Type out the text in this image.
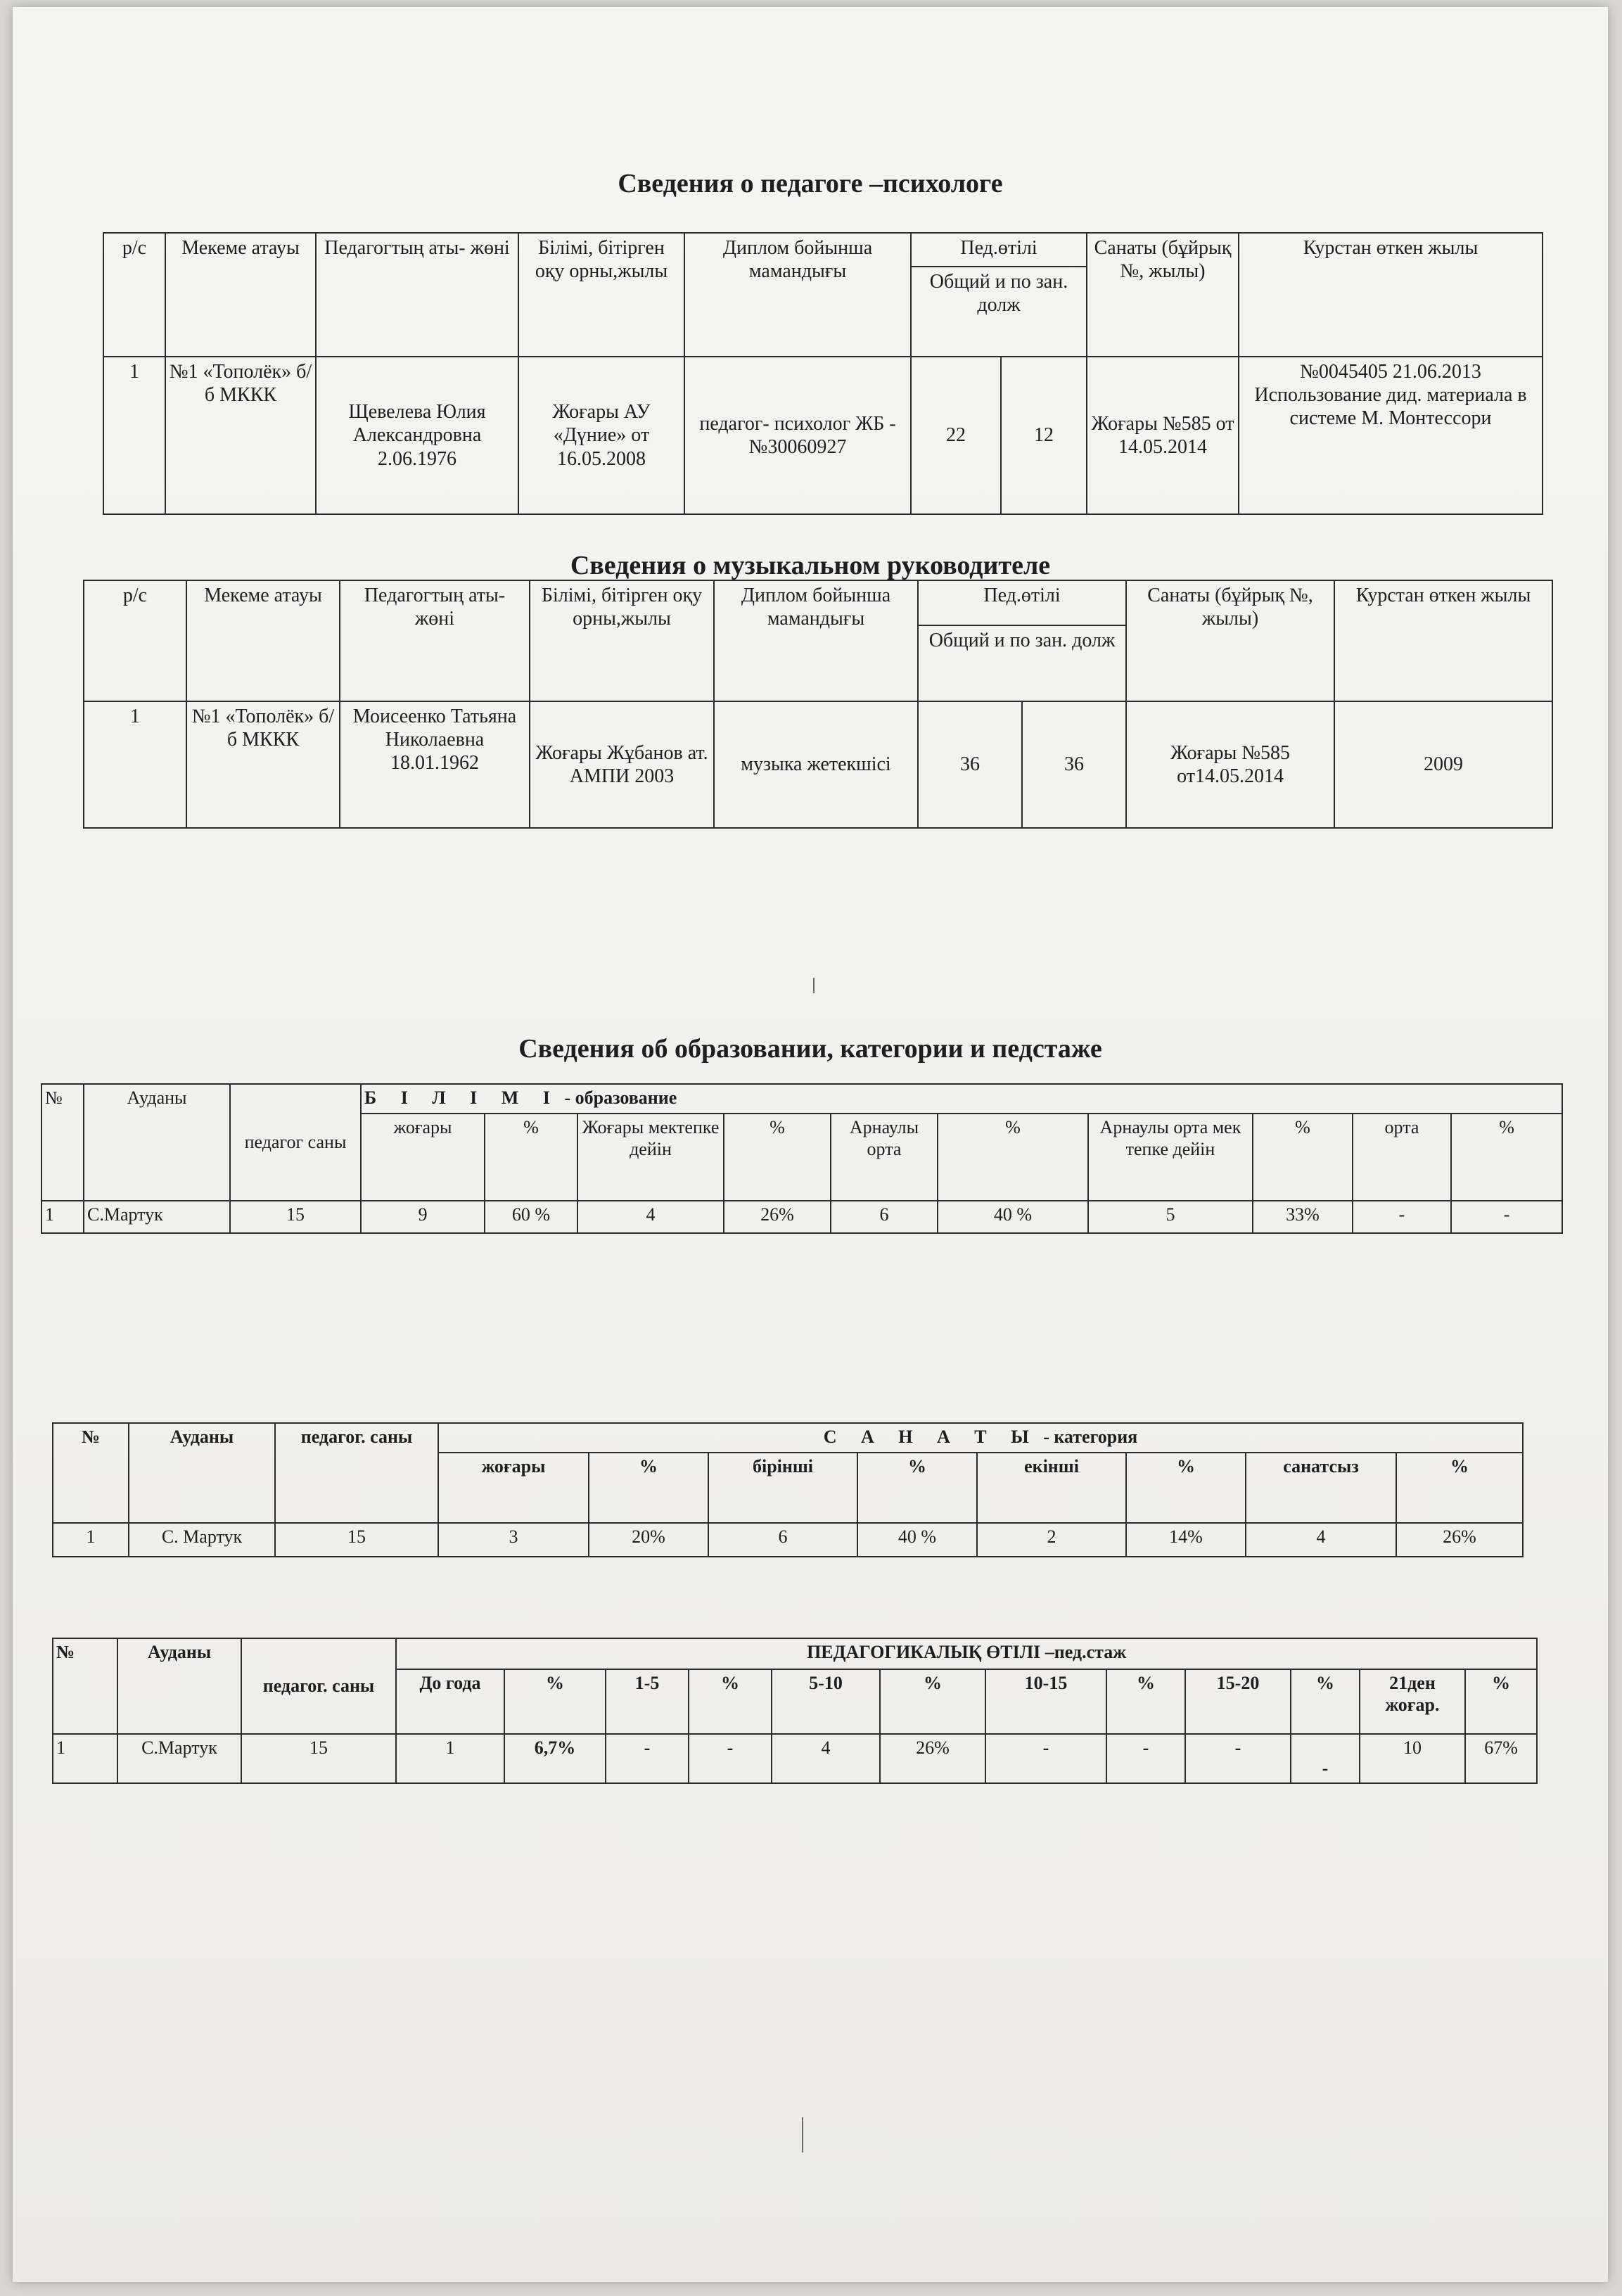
Сведения о педагоге –психологе
р/с	Мекеме атауы	Педагогтың аты- жөні	Білімі, бітірген оқу орны,жылы	Диплом бойынша мамандығы	Пед.өтілі		Санаты (бұйрық №, жылы)	Курстан өткен жылы
					Общий и по зан. долж			
1	№1 «Тополёк» б/б МККК	Щевелева Юлия Александровна 2.06.1976	Жоғары АУ «Дүние» от 16.05.2008	педагог- психолог ЖБ -№30060927	22	12	Жоғары №585 от 14.05.2014	№0045405 21.06.2013 Использование дид. материала в системе М. Монтессори
Сведения о музыкальном руководителе
р/с	Мекеме атауы	Педагогтың аты- жөні	Білімі, бітірген оқу орны,жылы	Диплом бойынша мамандығы	Пед.өтілі		Санаты (бұйрық №, жылы)	Курстан өткен жылы
					Общий и по зан. долж			
1	№1 «Тополёк» б/б МККК	Моисеенко Татьяна Николаевна 18.01.1962	Жоғары Жұбанов ат. АМПИ 2003	музыка жетекшісі	36	36	Жоғары №585 от14.05.2014	2009
Сведения об образовании, категории и педстаже
№	Ауданы	педагог саны	Б І Л І М І - образование									
			жоғары	%	Жоғары мектепке дейін	%	Арнаулы орта	%	Арнаулы орта мек тепке дейін	%	орта	%
1	С.Мартук	15	9	60 %	4	26%	6	40 %	5	33%	-	-
№	Ауданы	педагог. саны	С А Н А Т Ы - категория							
			жоғары	%	бірінші	%	екінші	%	санатсыз	%
1	С. Мартук	15	3	20%	6	40 %	2	14%	4	26%
№	Ауданы	педагог. саны	ПЕДАГОГИКАЛЫҚ ӨТІЛІ –пед.стаж											
			До года	%	1-5	%	5-10	%	10-15	%	15-20	%	21ден жоғар.	%
1	С.Мартук	15	1	6,7%	-	-	4	26%	-	-	-	-	10	67%
